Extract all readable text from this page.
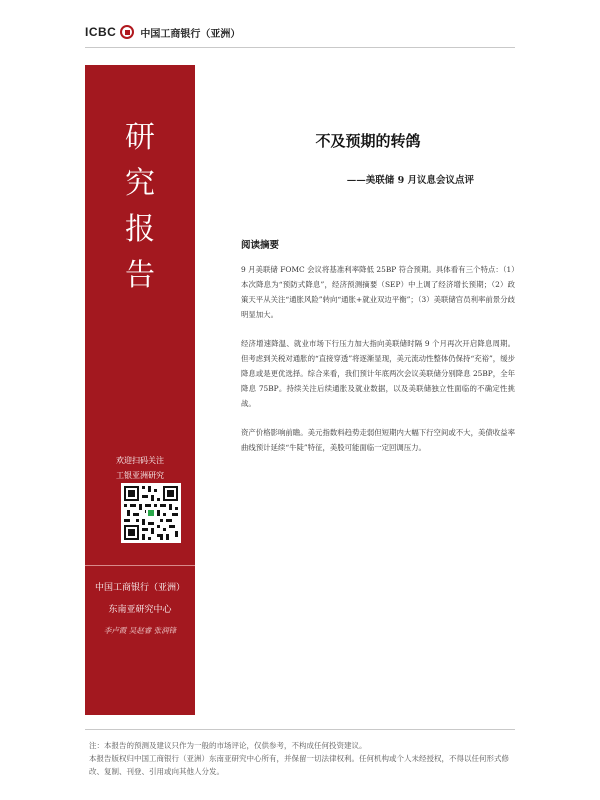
ICBC 中国工商银行（亚洲）
研
究
报
告
欢迎扫码关注
工银亚洲研究
中国工商银行（亚洲）
东南亚研究中心
李卢霞 吴赵睿 张润锋
不及预期的转鸽
——美联储 9 月议息会议点评
阅读摘要

9 月美联储 FOMC 会议将基准利率降低 25BP 符合预期。具体看有三个特点：（1）本次降息为“预防式降息”，经济预测摘要（SEP）中上调了经济增长预期；（2）政策天平从关注“通胀风险”转向“通胀+就业双边平衡”；（3）美联储官员利率前景分歧明显加大。

经济增速降温、就业市场下行压力加大指向美联储时隔 9 个月再次开启降息周期。但考虑到关税对通胀的“直接穿透”将逐渐显现，美元流动性整体仍保持“充裕”，缓步降息或是更优选择。综合来看，我们预计年底两次会议美联储分别降息 25BP，全年降息 75BP。持续关注后续通胀及就业数据，以及美联储独立性面临的不确定性挑战。

资产价格影响前瞻。美元指数料趋势走弱但短期内大幅下行空间或不大，美债收益率曲线预计延续“牛陡”特征，美股可能面临一定回调压力。

注：本报告的预测及建议只作为一般的市场评论，仅供参考，不构成任何投资建议。
本报告版权归中国工商银行（亚洲）东南亚研究中心所有，并保留一切法律权利。任何机构或个人未经授权，不得以任何形式修改、复制、刊登、引用或向其他人分发。
